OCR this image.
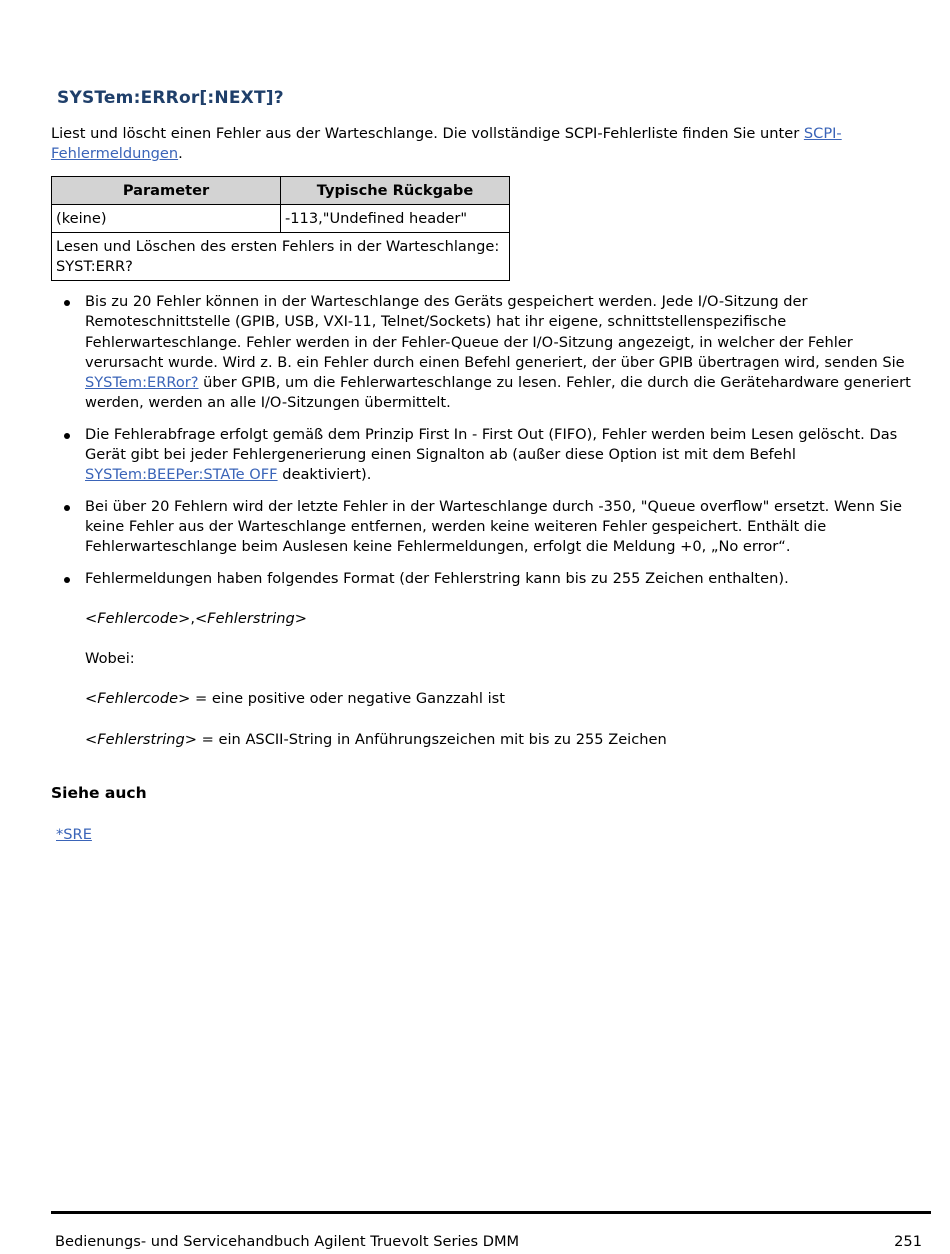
SYSTem:ERRor[:NEXT]?

Liest und löscht einen Fehler aus der Warteschlange. Die vollständige SCPI-Fehlerliste finden Sie unter SCPI-Fehlermeldungen.

Parameter	Typische Rückgabe
(keine)	-113,"Undefined header"
Lesen und Löschen des ersten Fehlers in der Warteschlange:
SYST:ERR?	
Bis zu 20 Fehler können in der Warteschlange des Geräts gespeichert werden. Jede I/O-Sitzung der Remoteschnittstelle (GPIB, USB, VXI-11, Telnet/Sockets) hat ihr eigene, schnittstellenspezifische Fehlerwarteschlange. Fehler werden in der Fehler-Queue der I/O-Sitzung angezeigt, in welcher der Fehler verursacht wurde. Wird z. B. ein Fehler durch einen Befehl generiert, der über GPIB übertragen wird, senden Sie SYSTem:ERRor? über GPIB, um die Fehlerwarteschlange zu lesen. Fehler, die durch die Gerätehardware generiert werden, werden an alle I/O-Sitzungen übermittelt.
Die Fehlerabfrage erfolgt gemäß dem Prinzip First In - First Out (FIFO), Fehler werden beim Lesen gelöscht. Das Gerät gibt bei jeder Fehlergenerierung einen Signalton ab (außer diese Option ist mit dem Befehl SYSTem:BEEPer:STATe OFF deaktiviert).
Bei über 20 Fehlern wird der letzte Fehler in der Warteschlange durch -350, "Queue overflow" ersetzt. Wenn Sie keine Fehler aus der Warteschlange entfernen, werden keine weiteren Fehler gespeichert. Enthält die Fehlerwarteschlange beim Auslesen keine Fehlermeldungen, erfolgt die Meldung +0, „No error“.

Fehlermeldungen haben folgendes Format (der Fehlerstring kann bis zu 255 Zeichen enthalten).

<Fehlercode>,<Fehlerstring>

Wobei:

<Fehlercode> = eine positive oder negative Ganzzahl ist

<Fehlerstring> = ein ASCII-String in Anführungszeichen mit bis zu 255 Zeichen

Siehe auch
*SRE
Bedienungs- und Servicehandbuch Agilent Truevolt Series DMM	251
